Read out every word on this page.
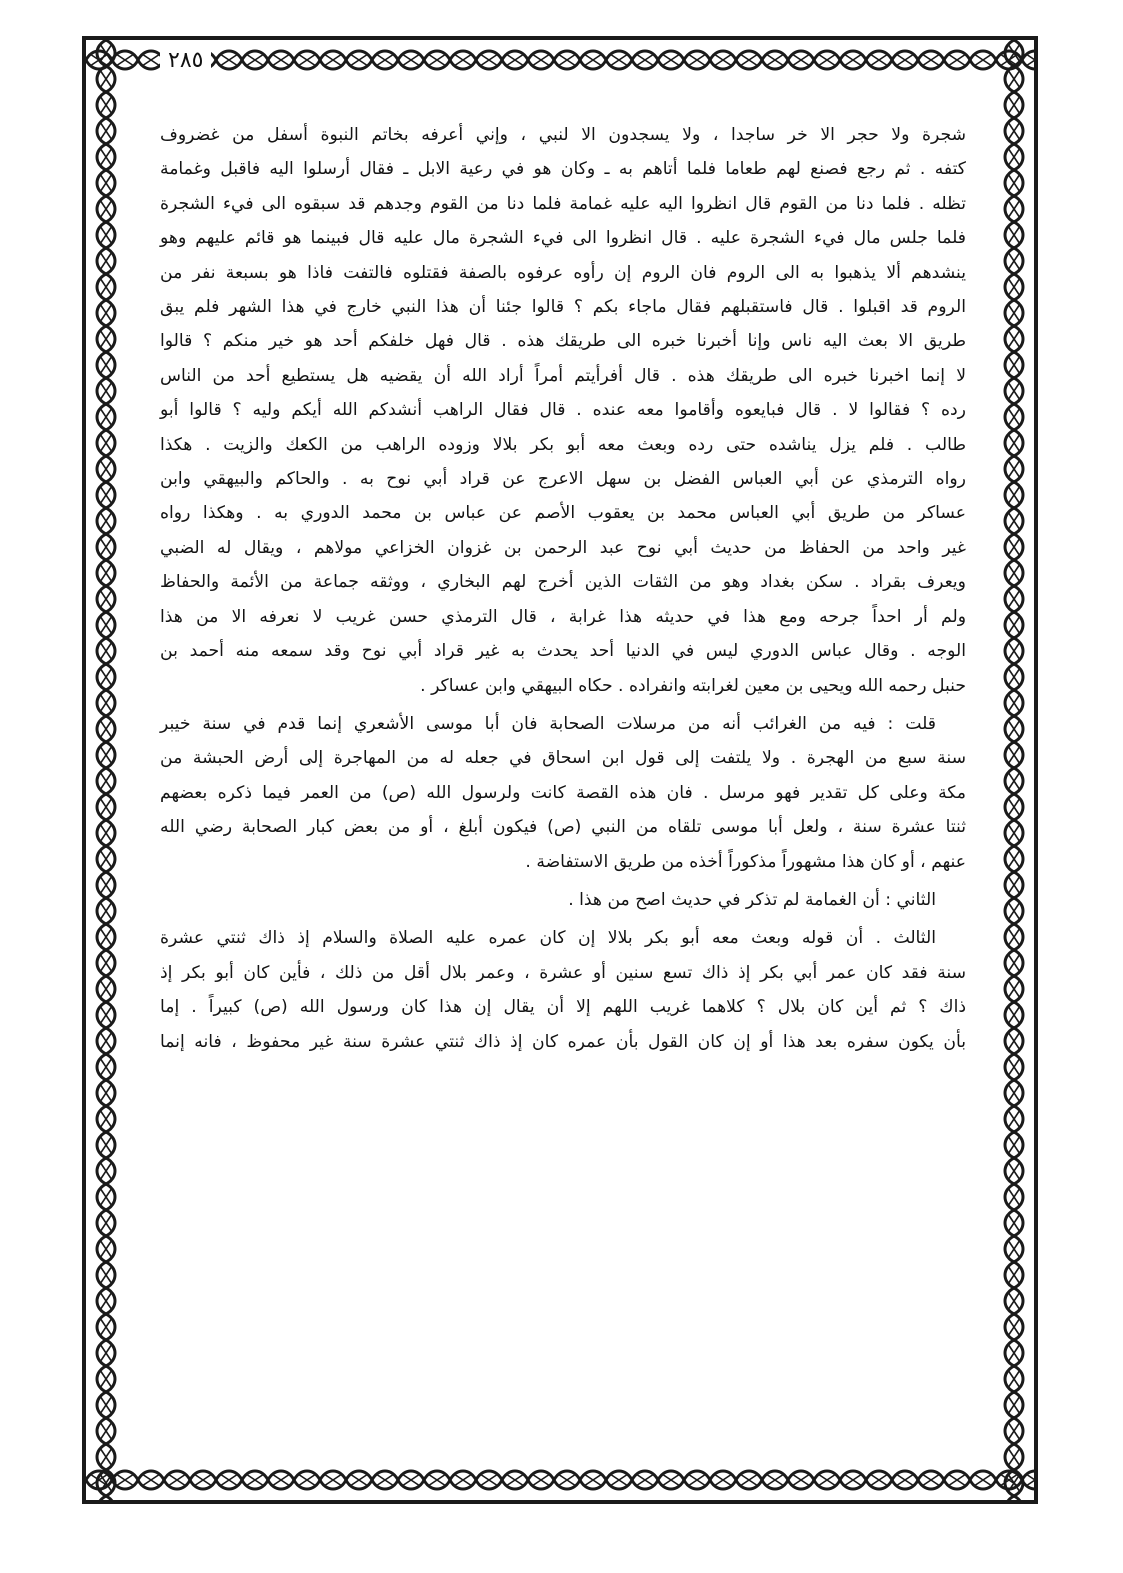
٢٨٥

شجرة ولا حجر الا خر ساجدا ، ولا يسجدون الا لنبي ، وإني أعرفه بخاتم النبوة أسفل من غضروف

كتفه . ثم رجع فصنع لهم طعاما فلما أتاهم به ـ وكان هو في رعية الابل ـ فقال أرسلوا اليه فاقبل وغمامة

تظله . فلما دنا من القوم قال انظروا اليه عليه غمامة فلما دنا من القوم وجدهم قد سبقوه الى فيء الشجرة

فلما جلس مال فيء الشجرة عليه . قال انظروا الى فيء الشجرة مال عليه قال فبينما هو قائم عليهم وهو

ينشدهم ألا يذهبوا به الى الروم فان الروم إن رأوه عرفوه بالصفة فقتلوه فالتفت فاذا هو بسبعة نفر من

الروم قد اقبلوا . قال فاستقبلهم فقال ماجاء بكم ؟ قالوا جئنا أن هذا النبي خارج في هذا الشهر فلم يبق

طريق الا بعث اليه ناس وإنا أخبرنا خبره الى طريقك هذه . قال فهل خلفكم أحد هو خير منكم ؟ قالوا

لا إنما اخبرنا خبره الى طريقك هذه . قال أفرأيتم أمراً أراد الله أن يقضيه هل يستطيع أحد من الناس

رده ؟ فقالوا لا . قال فبايعوه وأقاموا معه عنده . قال فقال الراهب أنشدكم الله أيكم وليه ؟ قالوا أبو

طالب . فلم يزل يناشده حتى رده وبعث معه أبو بكر بلالا وزوده الراهب من الكعك والزيت . هكذا

رواه الترمذي عن أبي العباس الفضل بن سهل الاعرج عن قراد أبي نوح به . والحاكم والبيهقي وابن

عساكر من طريق أبي العباس محمد بن يعقوب الأصم عن عباس بن محمد الدوري به . وهكذا رواه

غير واحد من الحفاظ من حديث أبي نوح عبد الرحمن بن غزوان الخزاعي مولاهم ، ويقال له الضبي

ويعرف بقراد . سكن بغداد وهو من الثقات الذين أخرج لهم البخاري ، ووثقه جماعة من الأئمة والحفاظ

ولم أر احداً جرحه ومع هذا في حديثه هذا غرابة ، قال الترمذي حسن غريب لا نعرفه الا من هذا

الوجه . وقال عباس الدوري ليس في الدنيا أحد يحدث به غير قراد أبي نوح وقد سمعه منه أحمد بن

حنبل رحمه الله ويحيى بن معين لغرابته وانفراده . حكاه البيهقي وابن عساكر .

قلت : فيه من الغرائب أنه من مرسلات الصحابة فان أبا موسى الأشعري إنما قدم في سنة خيبر

سنة سبع من الهجرة . ولا يلتفت إلى قول ابن اسحاق في جعله له من المهاجرة إلى أرض الحبشة من

مكة وعلى كل تقدير فهو مرسل . فان هذه القصة كانت ولرسول الله (ص) من العمر فيما ذكره بعضهم

ثنتا عشرة سنة ، ولعل أبا موسى تلقاه من النبي (ص) فيكون أبلغ ، أو من بعض كبار الصحابة رضي الله

عنهم ، أو كان هذا مشهوراً مذكوراً أخذه من طريق الاستفاضة .

الثاني : أن الغمامة لم تذكر في حديث اصح من هذا .

الثالث . أن قوله وبعث معه أبو بكر بلالا إن كان عمره عليه الصلاة والسلام إذ ذاك ثنتي عشرة

سنة فقد كان عمر أبي بكر إذ ذاك تسع سنين أو عشرة ، وعمر بلال أقل من ذلك ، فأين كان أبو بكر إذ

ذاك ؟ ثم أين كان بلال ؟ كلاهما غريب اللهم إلا أن يقال إن هذا كان ورسول الله (ص) كبيراً . إما

بأن يكون سفره بعد هذا أو إن كان القول بأن عمره كان إذ ذاك ثنتي عشرة سنة غير محفوظ ، فانه إنما
